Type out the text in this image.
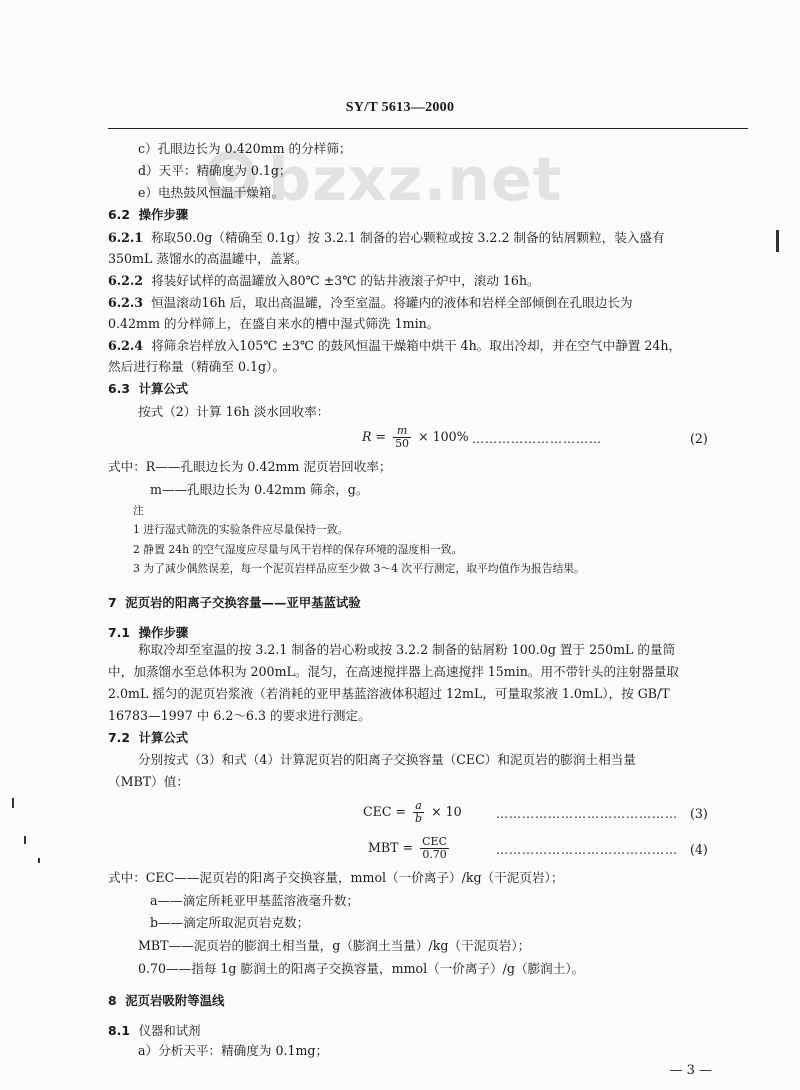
SY/T 5613—2000
bzxz.net
c）孔眼边长为 0.420mm 的分样筛；
d）天平：精确度为 0.1g；
e）电热鼓风恒温干燥箱。
6.2 操作步骤
6.2.1 称取50.0g（精确至 0.1g）按 3.2.1 制备的岩心颗粒或按 3.2.2 制备的钻屑颗粒，装入盛有
350mL 蒸馏水的高温罐中，盖紧。
6.2.2 将装好试样的高温罐放入80℃ ±3℃ 的钻井液滚子炉中，滚动 16h。
6.2.3 恒温滚动16h 后，取出高温罐，冷至室温。将罐内的液体和岩样全部倾倒在孔眼边长为
0.42mm 的分样筛上，在盛自来水的槽中湿式筛洗 1min。
6.2.4 将筛余岩样放入105℃ ±3℃ 的鼓风恒温干燥箱中烘干 4h。取出冷却，并在空气中静置 24h，
然后进行称量（精确至 0.1g）。
6.3 计算公式
按式（2）计算 16h 淡水回收率：
$R = \frac{m}{50} \times 100\%$ …………………………	(2)
式中：R——孔眼边长为 0.42mm 泥页岩回收率；
m——孔眼边长为 0.42mm 筛余，g。
注
1 进行湿式筛洗的实验条件应尽量保持一致。
2 静置 24h 的空气湿度应尽量与风干岩样的保存环境的湿度相一致。
3 为了减少偶然误差，每一个泥页岩样品应至少做 3～4 次平行测定，取平均值作为报告结果。
7 泥页岩的阳离子交换容量——亚甲基蓝试验
7.1 操作步骤
称取冷却至室温的按 3.2.1 制备的岩心粉或按 3.2.2 制备的钻屑粉 100.0g 置于 250mL 的量筒
中，加蒸馏水至总体积为 200mL。混匀，在高速搅拌器上高速搅拌 15min。用不带针头的注射器量取
2.0mL 摇匀的泥页岩浆液（若消耗的亚甲基蓝溶液体积超过 12mL，可量取浆液 1.0mL），按 GB/T
16783—1997 中 6.2～6.3 的要求进行测定。
7.2 计算公式
分别按式（3）和式（4）计算泥页岩的阳离子交换容量（CEC）和泥页岩的膨润土相当量
（MBT）值：
CEC = $\frac{a}{b} \times 10$	…………………………………… (3)
MBT = $\frac{\text{CEC}}{0.70}$	…………………………………… (4)
式中：CEC——泥页岩的阳离子交换容量，mmol（一价离子）/kg（干泥页岩）；
a——滴定所耗亚甲基蓝溶液毫升数；
b——滴定所取泥页岩克数；
MBT——泥页岩的膨润土相当量，g（膨润土当量）/kg（干泥页岩）；
0.70——指每 1g 膨润土的阳离子交换容量，mmol（一价离子）/g（膨润土）。
8 泥页岩吸附等温线
8.1 仪器和试剂
a）分析天平：精确度为 0.1mg；
— 3 —
